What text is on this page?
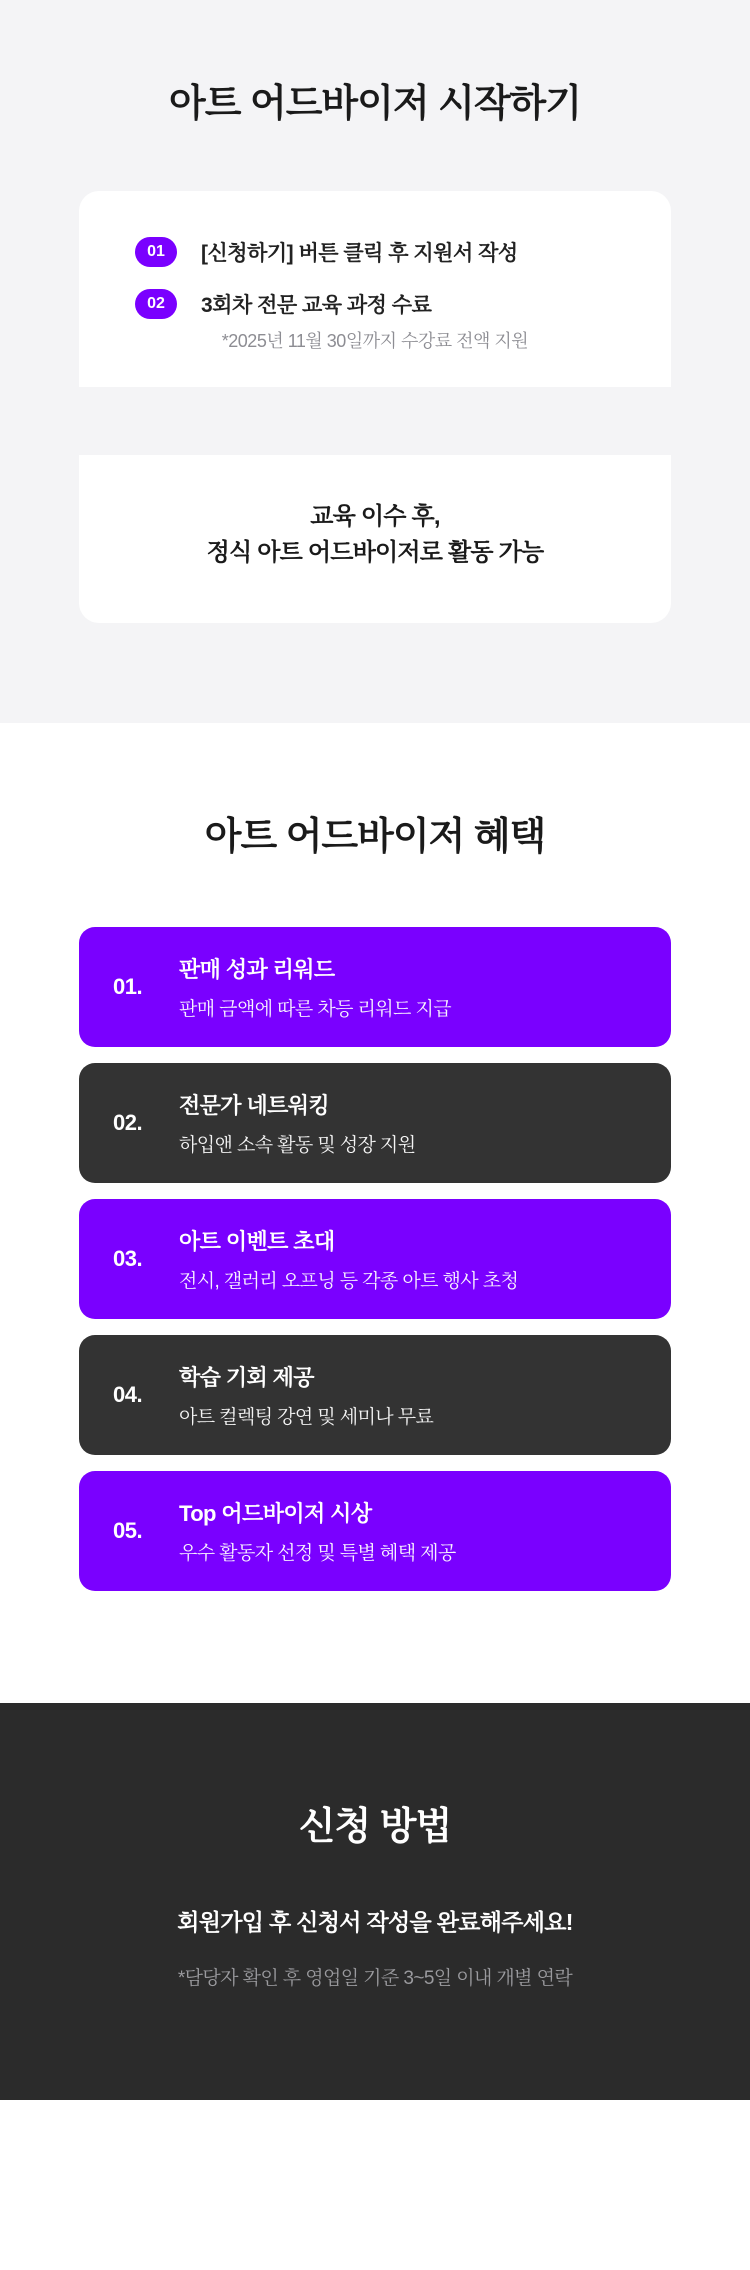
아트 어드바이저 시작하기
01	[신청하기] 버튼 클릭 후 지원서 작성
02	3회차 전문 교육 과정 수료
*2025년 11월 30일까지 수강료 전액 지원
교육 이수 후,
정식 아트 어드바이저로 활동 가능
아트 어드바이저 혜택
01.
판매 성과 리워드
판매 금액에 따른 차등 리워드 지급
02.
전문가 네트워킹
하입앤 소속 활동 및 성장 지원
03.
아트 이벤트 초대
전시, 갤러리 오프닝 등 각종 아트 행사 초청
04.
학습 기회 제공
아트 컬렉팅 강연 및 세미나 무료
05.
Top 어드바이저 시상
우수 활동자 선정 및 특별 혜택 제공
신청 방법
회원가입 후 신청서 작성을 완료해주세요!
*담당자 확인 후 영업일 기준 3~5일 이내 개별 연락
